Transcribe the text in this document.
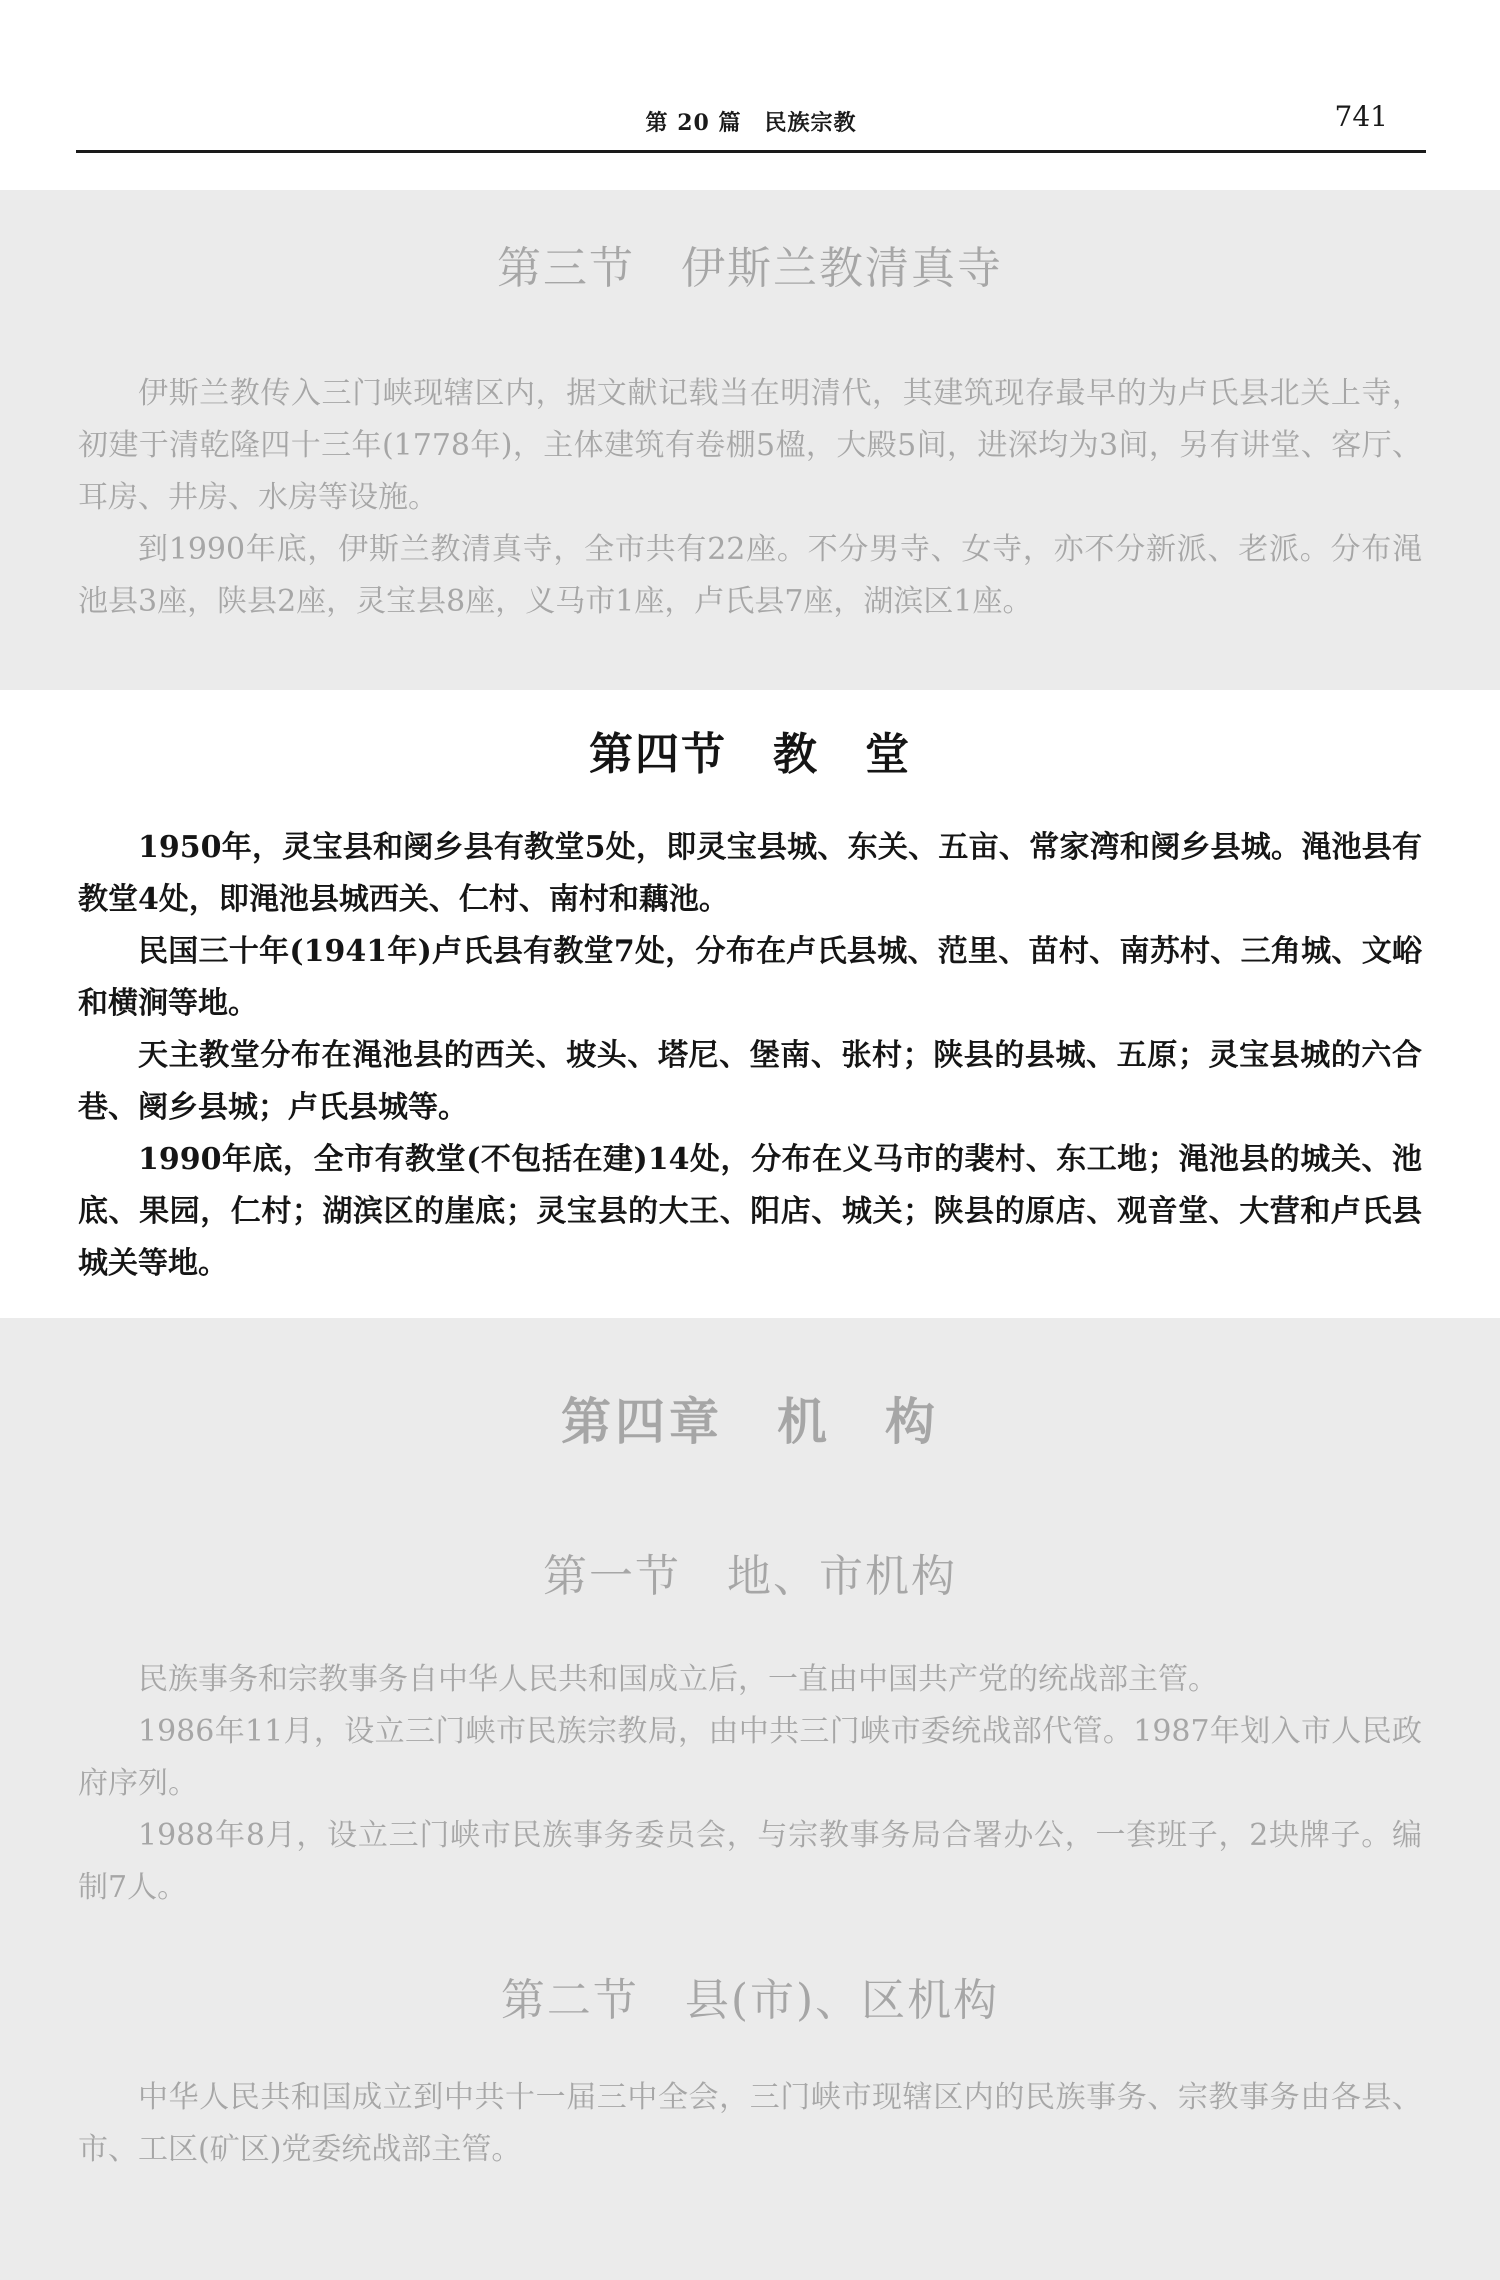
第 20 篇　民族宗教	741
第三节　伊斯兰教清真寺

伊斯兰教传入三门峡现辖区内，据文献记载当在明清代，其建筑现存最早的为卢氏县北关上寺，初建于清乾隆四十三年(1778年)，主体建筑有卷棚5楹，大殿5间，进深均为3间，另有讲堂、客厅、耳房、井房、水房等设施。

到1990年底，伊斯兰教清真寺，全市共有22座。不分男寺、女寺，亦不分新派、老派。分布渑池县3座，陕县2座，灵宝县8座，义马市1座，卢氏县7座，湖滨区1座。

第四节　教　堂

1950年，灵宝县和阌乡县有教堂5处，即灵宝县城、东关、五亩、常家湾和阌乡县城。渑池县有教堂4处，即渑池县城西关、仁村、南村和藕池。

民国三十年(1941年)卢氏县有教堂7处，分布在卢氏县城、范里、苗村、南苏村、三角城、文峪和横涧等地。

天主教堂分布在渑池县的西关、坡头、塔尼、堡南、张村；陕县的县城、五原；灵宝县城的六合巷、阌乡县城；卢氏县城等。

1990年底，全市有教堂(不包括在建)14处，分布在义马市的裴村、东工地；渑池县的城关、池底、果园，仁村；湖滨区的崖底；灵宝县的大王、阳店、城关；陕县的原店、观音堂、大营和卢氏县城关等地。

第四章　机　构
第一节　地、市机构

民族事务和宗教事务自中华人民共和国成立后，一直由中国共产党的统战部主管。

1986年11月，设立三门峡市民族宗教局，由中共三门峡市委统战部代管。1987年划入市人民政府序列。

1988年8月，设立三门峡市民族事务委员会，与宗教事务局合署办公，一套班子，2块牌子。编制7人。

第二节　县(市)、区机构

中华人民共和国成立到中共十一届三中全会，三门峡市现辖区内的民族事务、宗教事务由各县、市、工区(矿区)党委统战部主管。
